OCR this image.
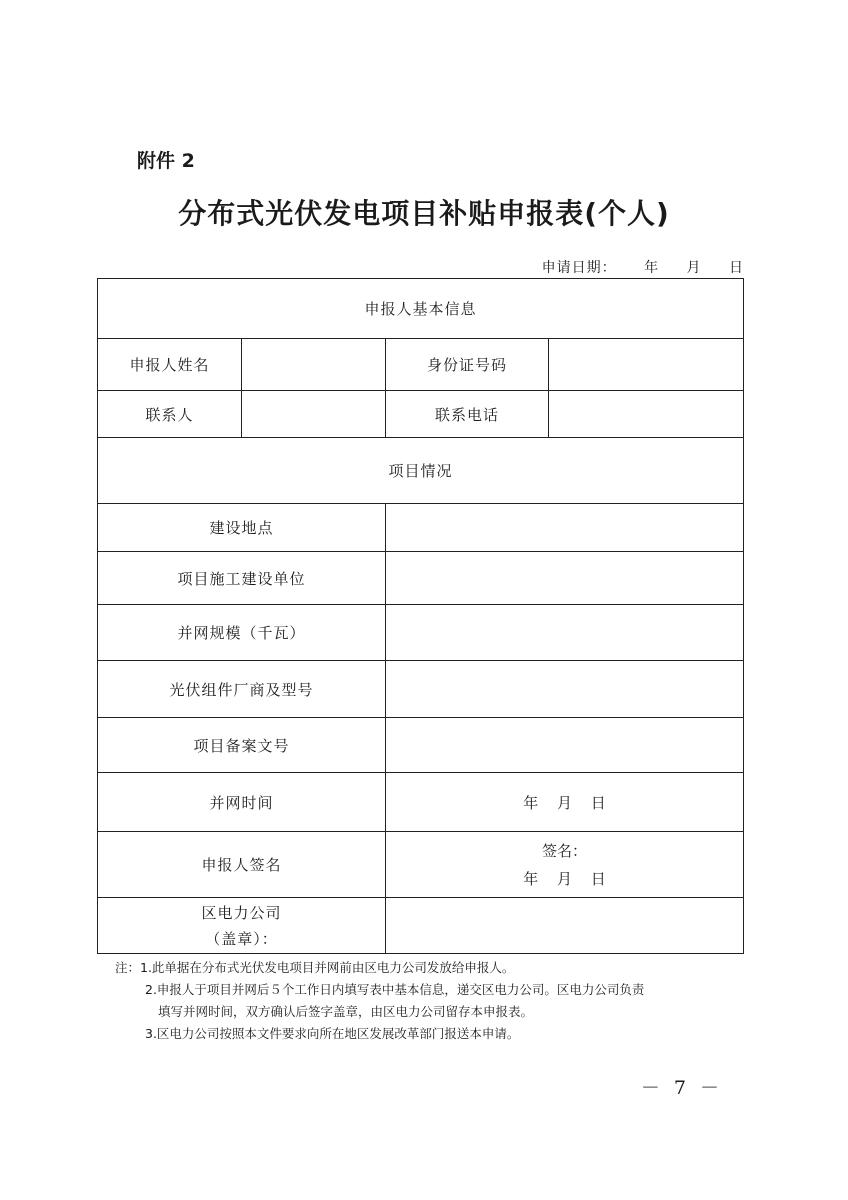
附件 2
分布式光伏发电项目补贴申报表(个人)
申请日期： 年 月 日
申报人基本信息			
申报人姓名		身份证号码	
联系人		联系电话	
项目情况			
建设地点			
项目施工建设单位			
并网规模（千瓦）			
光伏组件厂商及型号			
项目备案文号			
并网时间		年 月 日	
申报人签名		签名：
年 月 日	

区电力公司
（盖章）：			

注：1.此单据在分布式光伏发电项目并网前由区电力公司发放给申报人。
2.申报人于项目并网后５个工作日内填写表中基本信息，递交区电力公司。区电力公司负责
填写并网时间，双方确认后签字盖章，由区电力公司留存本申报表。
3.区电力公司按照本文件要求向所在地区发展改革部门报送本申请。
－ 7 －
